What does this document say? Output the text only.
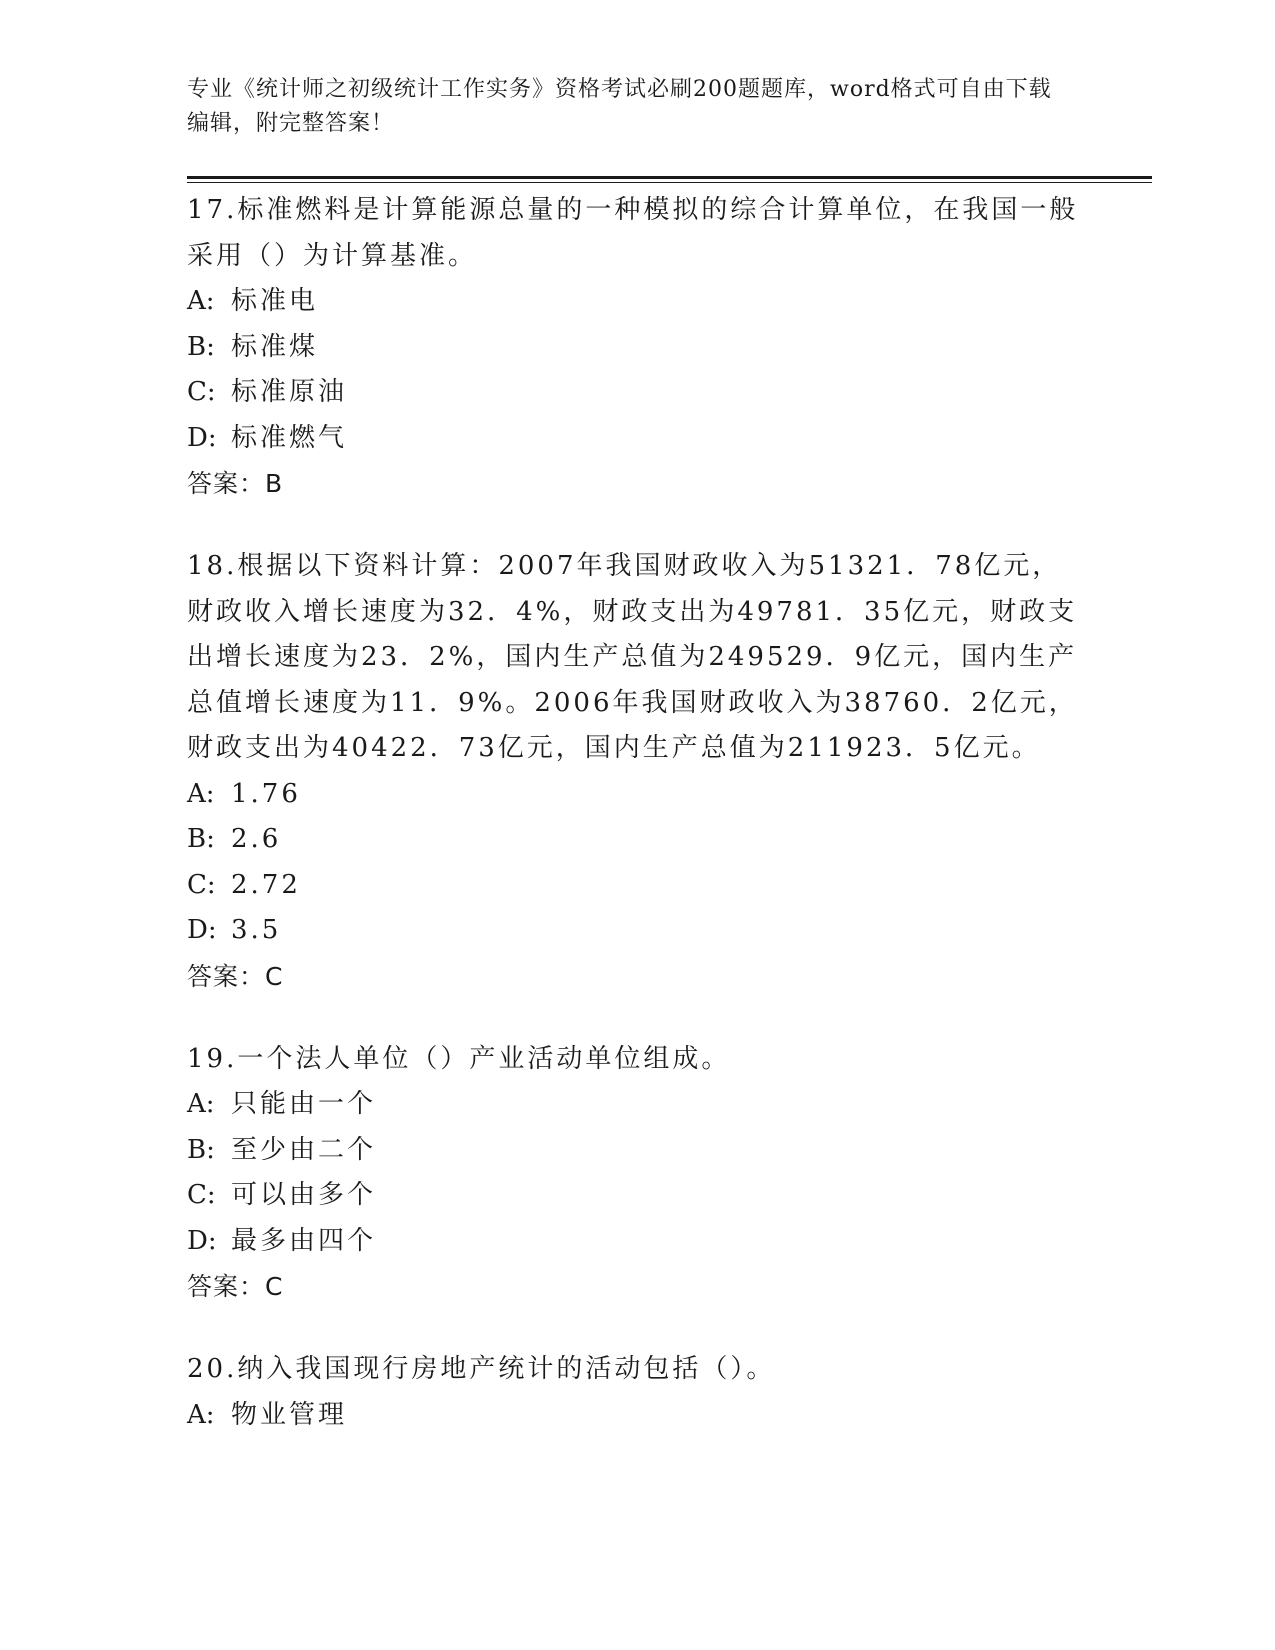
专业《统计师之初级统计工作实务》资格考试必刷200题题库，word格式可自由下载编辑，附完整答案！

17.标准燃料是计算能源总量的一种模拟的综合计算单位，在我国一般采用（）为计算基准。

A: 标准电

B: 标准煤

C: 标准原油

D: 标准燃气

答案：B

18.根据以下资料计算：2007年我国财政收入为51321．78亿元，财政收入增长速度为32．4%，财政支出为49781．35亿元，财政支出增长速度为23．2%，国内生产总值为249529．9亿元，国内生产总值增长速度为11．9%。2006年我国财政收入为38760．2亿元，财政支出为40422．73亿元，国内生产总值为211923．5亿元。

A: 1.76

B: 2.6

C: 2.72

D: 3.5

答案：C

19.一个法人单位（）产业活动单位组成。

A: 只能由一个

B: 至少由二个

C: 可以由多个

D: 最多由四个

答案：C

20.纳入我国现行房地产统计的活动包括（）。

A: 物业管理
